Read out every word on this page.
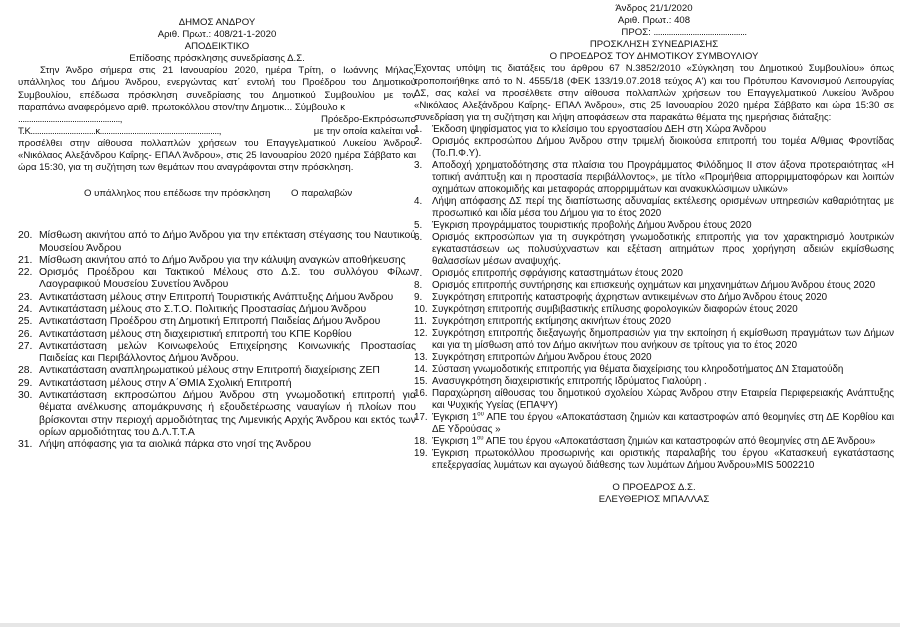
ΔΗΜΟΣ ΑΝΔΡΟΥ
Αριθ. Πρωτ.: 408/21-1-2020
ΑΠΟΔΕΙΚΤΙΚΟ
Επίδοσης πρόσκλησης συνεδρίασης Δ.Σ.
Στην Άνδρο σήμερα στις 21 Ιανουαρίου 2020, ημέρα Τρίτη, ο Ιωάννης Μήλας, υπάλληλος του Δήμου Άνδρου, ενεργώντας κατ΄ εντολή του Προέδρου του Δημοτικού Συμβουλίου, επέδωσα πρόσκληση συνεδρίασης του Δημοτικού Συμβουλίου με τον παραπάνω αναφερόμενο αριθ. πρωτοκόλλου στον/την Δημοτικ... Σύμβουλο κ
...............................................,	Πρόεδρο-Εκπρόσωπο
Τ.Κ..............................κ.......................................................,	με την οποία καλείται να
προσέλθει στην αίθουσα πολλαπλών χρήσεων του Επαγγελματικού Λυκείου Άνδρου «Νικόλαος Αλεξάνδρου Καΐρης- ΕΠΑΛ Άνδρου», στις 25 Ιανουαρίου 2020 ημέρα Σάββατο και ώρα 15:30, για τη συζήτηση των θεμάτων που αναγράφονται στην πρόσκληση.
Ο υπάλληλος που επέδωσε την πρόσκληση Ο παραλαβών
20. Μίσθωση ακινήτου από το Δήμο Άνδρου για την επέκταση στέγασης του Ναυτικού Μουσείου Άνδρου
21. Μίσθωση ακινήτου από το Δήμο Άνδρου για την κάλυψη αναγκών αποθήκευσης
22. Ορισμός Προέδρου και Τακτικού Μέλους στο Δ.Σ. του συλλόγου Φίλων Λαογραφικού Μουσείου Συνετίου Άνδρου
23. Αντικατάσταση μέλους στην Επιτροπή Τουριστικής Ανάπτυξης Δήμου Άνδρου
24. Αντικατάσταση μέλους στο Σ.Τ.Ο. Πολιτικής Προστασίας Δήμου Άνδρου
25. Αντικατάσταση Προέδρου στη Δημοτική Επιτροπή Παιδείας Δήμου Άνδρου
26. Αντικατάσταση μέλους στη διαχειριστική επιτροπή του ΚΠΕ Κορθίου
27. Αντικατάσταση μελών Κοινωφελούς Επιχείρησης Κοινωνικής Προστασίας Παιδείας και Περιβάλλοντος Δήμου Άνδρου.
28. Αντικατάσταση αναπληρωματικού μέλους στην Επιτροπή διαχείρισης ΖΕΠ
29. Αντικατάσταση μέλους στην Α΄ΘΜΙΑ Σχολική Επιτροπή
30. Αντικατάσταση εκπροσώπου Δήμου Άνδρου στη γνωμοδοτική επιτροπή για θέματα ανέλκυσης απομάκρυνσης ή εξουδετέρωσης ναυαγίων ή πλοίων που βρίσκονται στην περιοχή αρμοδιότητας της Λιμενικής Αρχής Άνδρου και εκτός των ορίων αρμοδιότητας του Δ.Λ.Τ.Τ.Α
31. Λήψη απόφασης για τα αιολικά πάρκα στο νησί της Άνδρου
Άνδρος 21/1/2020
Αριθ. Πρωτ.: 408
ΠΡΟΣ: ...........................................
ΠΡΟΣΚΛΗΣΗ ΣΥΝΕΔΡΙΑΣΗΣ
Ο ΠΡΟΕΔΡΟΣ ΤΟΥ ΔΗΜΟΤΙΚΟΥ ΣΥΜΒΟΥΛΙΟΥ
Έχοντας υπόψη τις διατάξεις του άρθρου 67 Ν.3852/2010 «Σύγκληση του Δημοτικού Συμβουλίου» όπως τροποποιήθηκε από το Ν. 4555/18 (ΦΕΚ 133/19.07.2018 τεύχος Α') και του Πρότυπου Κανονισμού Λειτουργίας ΔΣ, σας καλεί να προσέλθετε στην αίθουσα πολλαπλών χρήσεων του Επαγγελματικού Λυκείου Άνδρου «Νικόλαος Αλεξάνδρου Καΐρης- ΕΠΑΛ Άνδρου», στις 25 Ιανουαρίου 2020 ημέρα Σάββατο και ώρα 15:30 σε συνεδρίαση για τη συζήτηση και λήψη αποφάσεων στα παρακάτω θέματα της ημερήσιας διάταξης:
1. Έκδοση ψηφίσματος για το κλείσιμο του εργοστασίου ΔΕΗ στη Χώρα Άνδρου
2. Ορισμός εκπροσώπου Δήμου Άνδρου στην τριμελή διοικούσα επιτροπή του τομέα Α/θμιας Φροντίδας (Το.Π.Φ.Υ).
3. Αποδοχή χρηματοδότησης στα πλαίσια του Προγράμματος Φιλόδημος ΙΙ στον άξονα προτεραιότητας «Η τοπική ανάπτυξη και η προστασία περιβάλλοντος», με τίτλο «Προμήθεια απορριμματοφόρων και λοιπών οχημάτων αποκομιδής και μεταφοράς απορριμμάτων και ανακυκλώσιμων υλικών»
4. Λήψη απόφασης ΔΣ περί της διαπίστωσης αδυναμίας εκτέλεσης ορισμένων υπηρεσιών καθαριότητας με προσωπικό και ιδία μέσα του Δήμου για το έτος 2020
5. Έγκριση προγράμματος τουριστικής προβολής Δήμου Άνδρου έτους 2020
6. Ορισμός εκπροσώπων για τη συγκρότηση γνωμοδοτικής επιτροπής για τον χαρακτηρισμό λουτρικών εγκαταστάσεων ως πολυσύχναστων και εξέταση αιτημάτων προς χορήγηση αδειών εκμίσθωσης θαλασσίων μέσων αναψυχής.
7. Ορισμός επιτροπής σφράγισης καταστημάτων έτους 2020
8. Ορισμός επιτροπής συντήρησης και επισκευής οχημάτων και μηχανημάτων Δήμου Άνδρου έτους 2020
9. Συγκρότηση επιτροπής καταστροφής άχρηστων αντικειμένων στο Δήμο Άνδρου έτους 2020
10. Συγκρότηση επιτροπής συμβιβαστικής επίλυσης φορολογικών διαφορών έτους 2020
11. Συγκρότηση επιτροπής εκτίμησης ακινήτων έτους 2020
12. Συγκρότηση επιτροπής διεξαγωγής δημοπρασιών για την εκποίηση ή εκμίσθωση πραγμάτων των Δήμων και για τη μίσθωση από τον Δήμο ακινήτων που ανήκουν σε τρίτους για το έτος 2020
13. Συγκρότηση επιτροπών Δήμου Άνδρου έτους 2020
14. Σύσταση γνωμοδοτικής επιτροπής για θέματα διαχείρισης του κληροδοτήματος ΔΝ Σταματούδη
15. Ανασυγκρότηση διαχειριστικής επιτροπής Ιδρύματος Γιαλούρη .
16. Παραχώρηση αίθουσας του δημοτικού σχολείου Χώρας Άνδρου στην Εταιρεία Περιφερειακής Ανάπτυξης και Ψυχικής Υγείας (ΕΠΑΨΥ)
17. Έγκριση $1^{o\upsilon}$ ΑΠΕ του έργου «Αποκατάσταση ζημιών και καταστροφών από θεομηνίες στη ΔΕ Κορθίου και ΔΕ Υδρούσας »
18. Έγκριση $1^{o\upsilon}$ ΑΠΕ του έργου «Αποκατάσταση ζημιών και καταστροφών από θεομηνίες στη ΔΕ Άνδρου»
19. Έγκριση πρωτοκόλλου προσωρινής και οριστικής παραλαβής του έργου «Κατασκευή εγκατάστασης επεξεργασίας λυμάτων και αγωγού διάθεσης των λυμάτων Δήμου Άνδρου»MIS 5002210
Ο ΠΡΟΕΔΡΟΣ Δ.Σ.
ΕΛΕΥΘΕΡΙΟΣ ΜΠΑΛΛΑΣ
